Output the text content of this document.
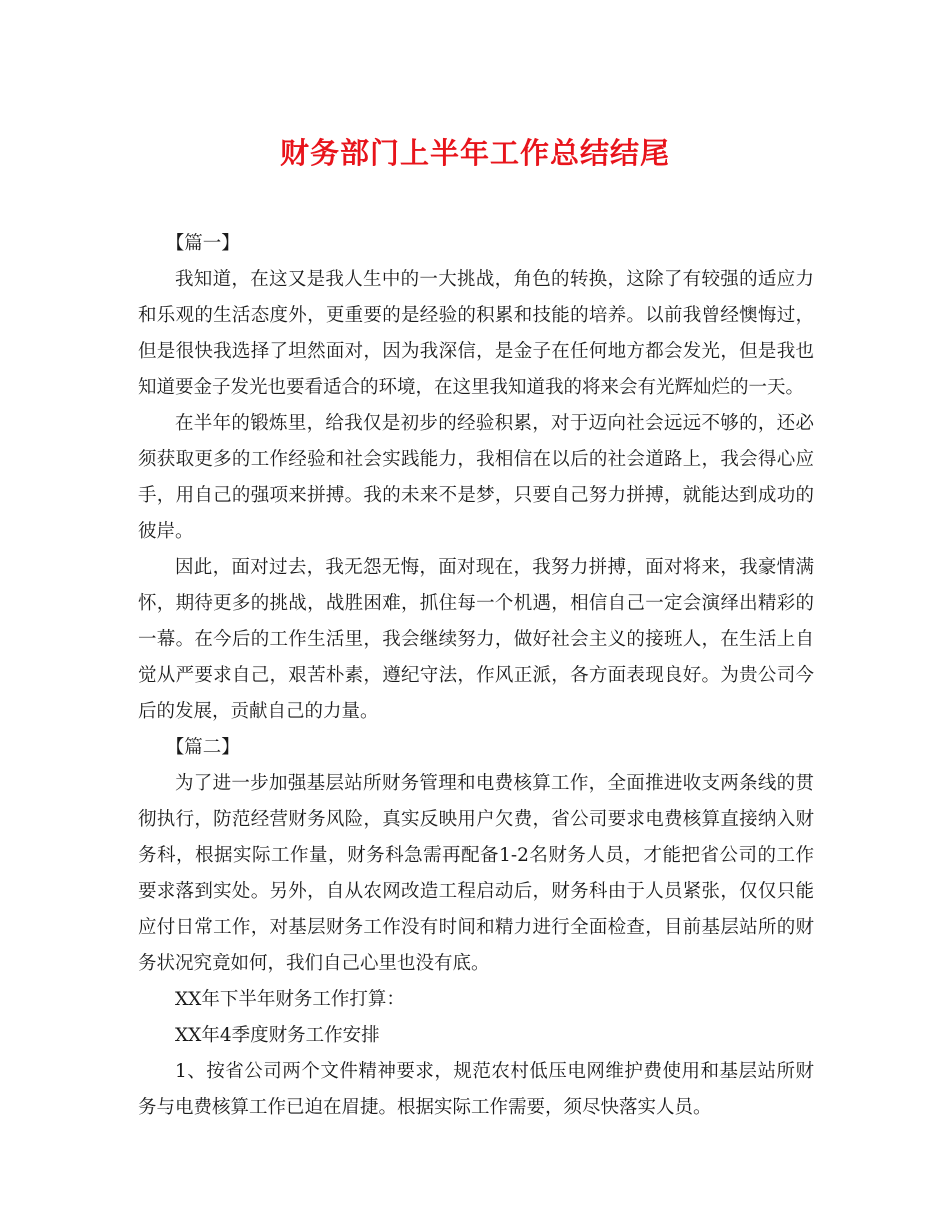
财务部门上半年工作总结结尾

【篇一】

我知道，在这又是我人生中的一大挑战，角色的转换，这除了有较强的适应力和乐观的生活态度外，更重要的是经验的积累和技能的培养。以前我曾经懊悔过，但是很快我选择了坦然面对，因为我深信，是金子在任何地方都会发光，但是我也知道要金子发光也要看适合的环境，在这里我知道我的将来会有光辉灿烂的一天。

在半年的锻炼里，给我仅是初步的经验积累，对于迈向社会远远不够的，还必须获取更多的工作经验和社会实践能力，我相信在以后的社会道路上，我会得心应手，用自己的强项来拼搏。我的未来不是梦，只要自己努力拼搏，就能达到成功的彼岸。

因此，面对过去，我无怨无悔，面对现在，我努力拼搏，面对将来，我豪情满怀，期待更多的挑战，战胜困难，抓住每一个机遇，相信自己一定会演绎出精彩的一幕。在今后的工作生活里，我会继续努力，做好社会主义的接班人，在生活上自觉从严要求自己，艰苦朴素，遵纪守法，作风正派，各方面表现良好。为贵公司今后的发展，贡献自己的力量。

【篇二】

为了进一步加强基层站所财务管理和电费核算工作，全面推进收支两条线的贯彻执行，防范经营财务风险，真实反映用户欠费，省公司要求电费核算直接纳入财务科，根据实际工作量，财务科急需再配备1-2名财务人员，才能把省公司的工作要求落到实处。另外，自从农网改造工程启动后，财务科由于人员紧张，仅仅只能应付日常工作，对基层财务工作没有时间和精力进行全面检查，目前基层站所的财务状况究竟如何，我们自己心里也没有底。

XX年下半年财务工作打算：

XX年4季度财务工作安排

1、按省公司两个文件精神要求，规范农村低压电网维护费使用和基层站所财务与电费核算工作已迫在眉捷。根据实际工作需要，须尽快落实人员。
